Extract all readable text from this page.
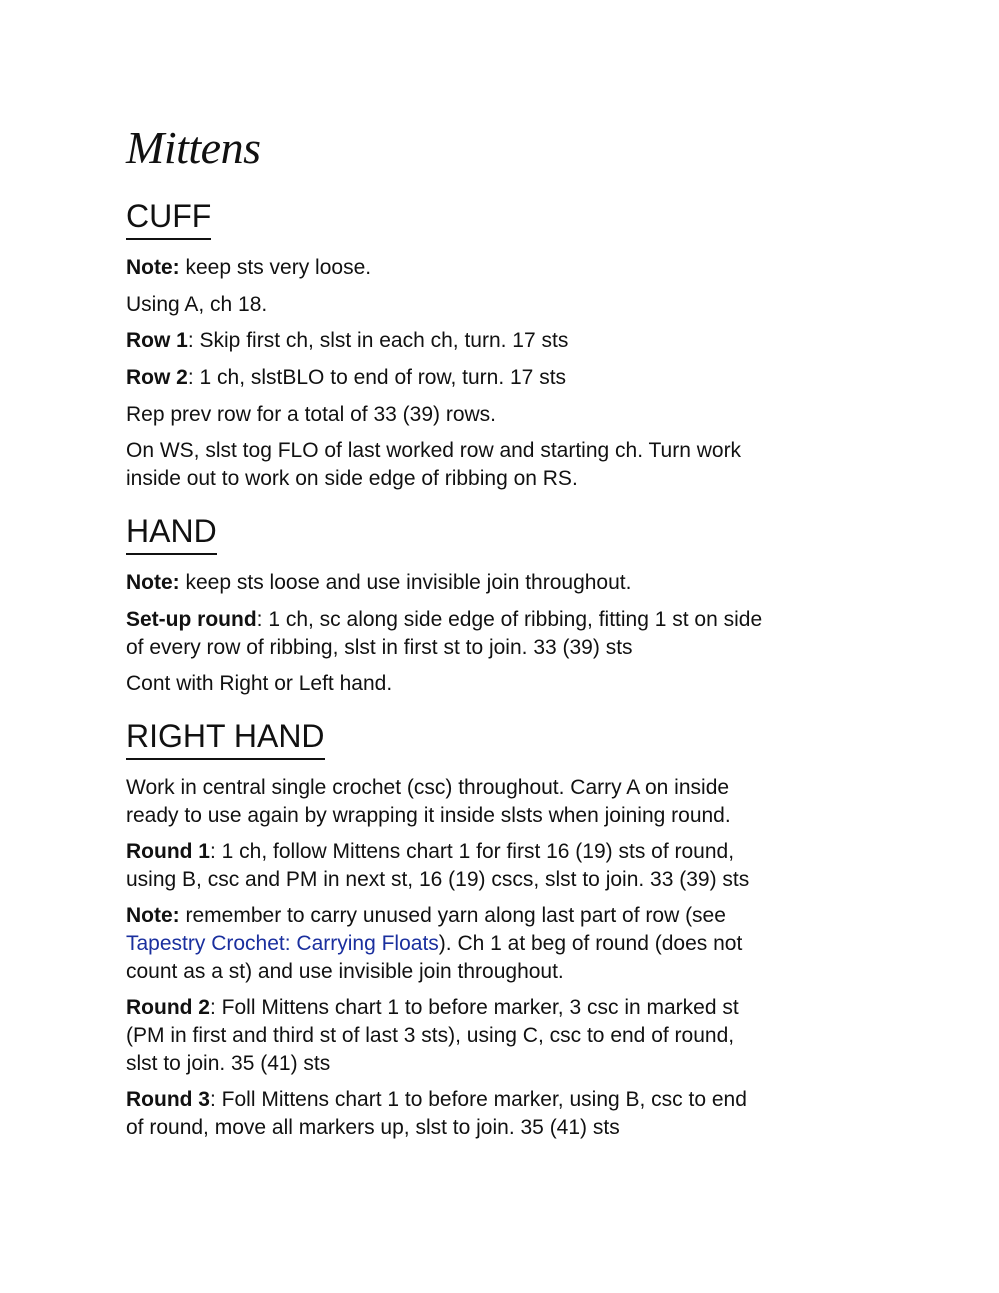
Mittens
CUFF

Note: keep sts very loose.

Using A, ch 18.

Row 1: Skip first ch, slst in each ch, turn. 17 sts

Row 2: 1 ch, slstBLO to end of row, turn. 17 sts

Rep prev row for a total of 33 (39) rows.

On WS, slst tog FLO of last worked row and starting ch. Turn work
inside out to work on side edge of ribbing on RS.

HAND

Note: keep sts loose and use invisible join throughout.

Set-up round: 1 ch, sc along side edge of ribbing, fitting 1 st on side
of every row of ribbing, slst in first st to join. 33 (39) sts

Cont with Right or Left hand.

RIGHT HAND

Work in central single crochet (csc) throughout. Carry A on inside
ready to use again by wrapping it inside slsts when joining round.

Round 1: 1 ch, follow Mittens chart 1 for first 16 (19) sts of round,
using B, csc and PM in next st, 16 (19) cscs, slst to join. 33 (39) sts

Note: remember to carry unused yarn along last part of row (see
Tapestry Crochet: Carrying Floats). Ch 1 at beg of round (does not
count as a st) and use invisible join throughout.

Round 2: Foll Mittens chart 1 to before marker, 3 csc in marked st
(PM in first and third st of last 3 sts), using C, csc to end of round,
slst to join. 35 (41) sts

Round 3: Foll Mittens chart 1 to before marker, using B, csc to end
of round, move all markers up, slst to join. 35 (41) sts
